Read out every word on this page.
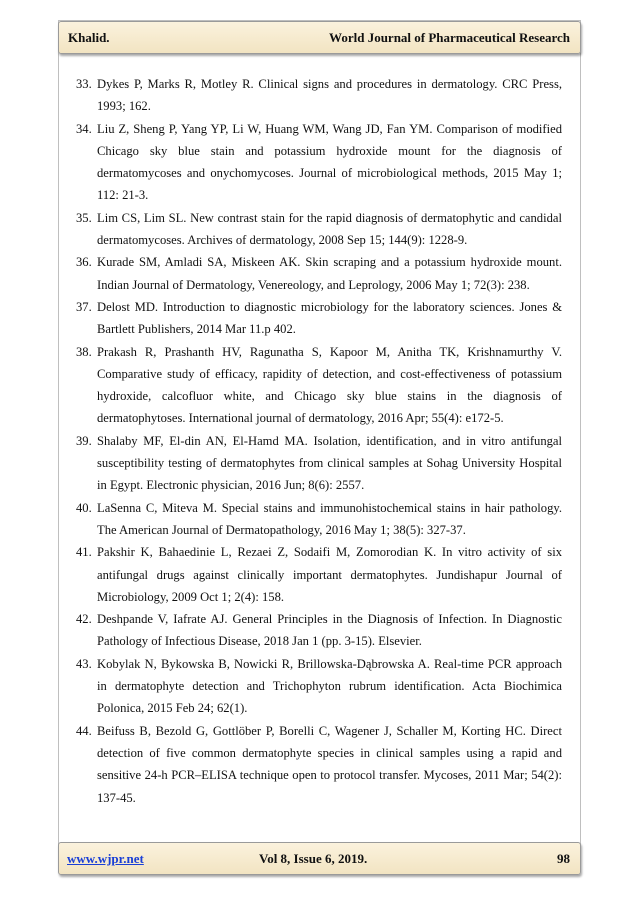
Khalid.	World Journal of Pharmaceutical Research
33. Dykes P, Marks R, Motley R. Clinical signs and procedures in dermatology. CRC Press, 1993; 162.
34. Liu Z, Sheng P, Yang YP, Li W, Huang WM, Wang JD, Fan YM. Comparison of modified Chicago sky blue stain and potassium hydroxide mount for the diagnosis of dermatomycoses and onychomycoses. Journal of microbiological methods, 2015 May 1; 112: 21-3.
35. Lim CS, Lim SL. New contrast stain for the rapid diagnosis of dermatophytic and candidal dermatomycoses. Archives of dermatology, 2008 Sep 15; 144(9): 1228-9.
36. Kurade SM, Amladi SA, Miskeen AK. Skin scraping and a potassium hydroxide mount. Indian Journal of Dermatology, Venereology, and Leprology, 2006 May 1; 72(3): 238.
37. Delost MD. Introduction to diagnostic microbiology for the laboratory sciences. Jones & Bartlett Publishers, 2014 Mar 11.p 402.
38. Prakash R, Prashanth HV, Ragunatha S, Kapoor M, Anitha TK, Krishnamurthy V. Comparative study of efficacy, rapidity of detection, and cost-effectiveness of potassium hydroxide, calcofluor white, and Chicago sky blue stains in the diagnosis of dermatophytoses. International journal of dermatology, 2016 Apr; 55(4): e172-5.
39. Shalaby MF, El-din AN, El-Hamd MA. Isolation, identification, and in vitro antifungal susceptibility testing of dermatophytes from clinical samples at Sohag University Hospital in Egypt. Electronic physician, 2016 Jun; 8(6): 2557.
40. LaSenna C, Miteva M. Special stains and immunohistochemical stains in hair pathology. The American Journal of Dermatopathology, 2016 May 1; 38(5): 327-37.
41. Pakshir K, Bahaedinie L, Rezaei Z, Sodaifi M, Zomorodian K. In vitro activity of six antifungal drugs against clinically important dermatophytes. Jundishapur Journal of Microbiology, 2009 Oct 1; 2(4): 158.
42. Deshpande V, Iafrate AJ. General Principles in the Diagnosis of Infection. In Diagnostic Pathology of Infectious Disease, 2018 Jan 1 (pp. 3-15). Elsevier.
43. Kobylak N, Bykowska B, Nowicki R, Brillowska-Dąbrowska A. Real-time PCR approach in dermatophyte detection and Trichophyton rubrum identification. Acta Biochimica Polonica, 2015 Feb 24; 62(1).
44. Beifuss B, Bezold G, Gottlöber P, Borelli C, Wagener J, Schaller M, Korting HC. Direct detection of five common dermatophyte species in clinical samples using a rapid and sensitive 24-h PCR–ELISA technique open to protocol transfer. Mycoses, 2011 Mar; 54(2): 137-45.
www.wjpr.net	Vol 8, Issue 6, 2019.	98
